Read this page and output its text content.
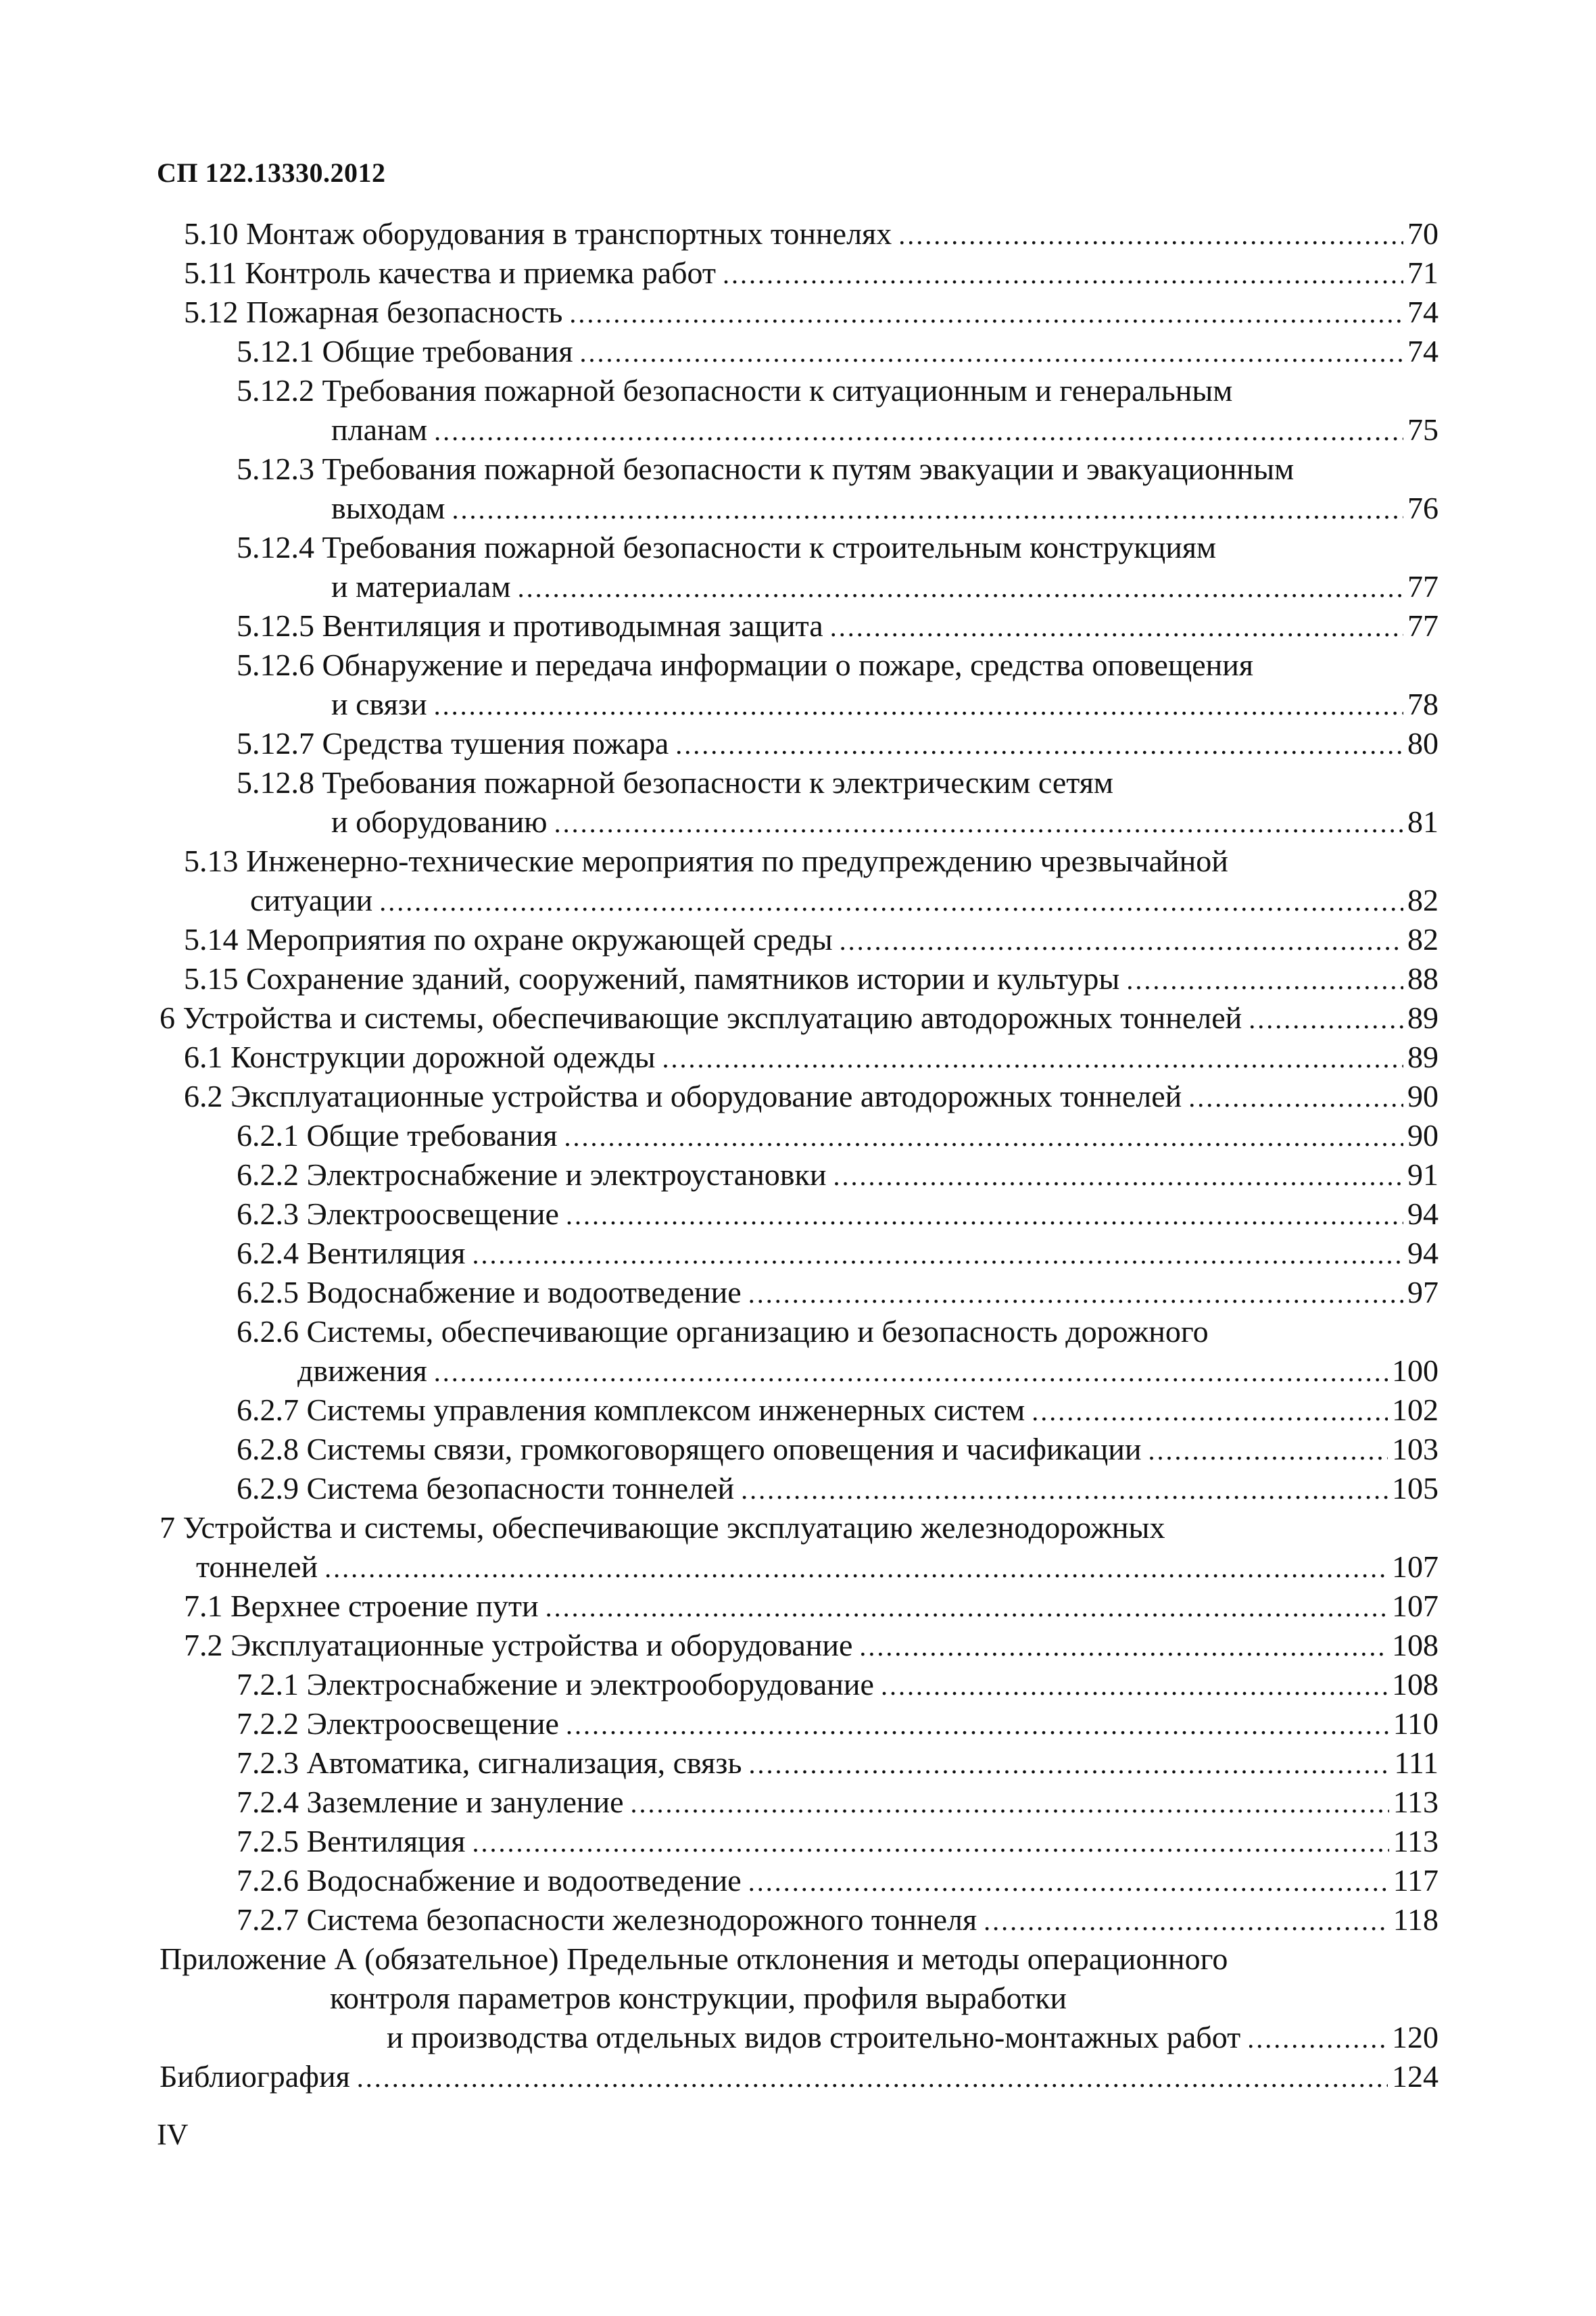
СП 122.13330.2012
5.10 Монтаж оборудования в транспортных тоннелях .....	70
5.11 Контроль качества и приемка работ .....	71
5.12 Пожарная безопасность .....	74
5.12.1 Общие требования .....	74
5.12.2 Требования пожарной безопасности к ситуационным и генеральным
планам .....	75
5.12.3 Требования пожарной безопасности к путям эвакуации и эвакуационным
выходам .....	76
5.12.4 Требования пожарной безопасности к строительным конструкциям
и материалам .....	77
5.12.5 Вентиляция и противодымная защита .....	77
5.12.6 Обнаружение и передача информации о пожаре, средства оповещения
и связи .....	78
5.12.7 Средства тушения пожара .....	80
5.12.8 Требования пожарной безопасности к электрическим сетям
и оборудованию .....	81
5.13 Инженерно-технические мероприятия по предупреждению чрезвычайной
ситуации .....	82
5.14 Мероприятия по охране окружающей среды .....	82
5.15 Сохранение зданий, сооружений, памятников истории и культуры .....	88
6 Устройства и системы, обеспечивающие эксплуатацию автодорожных тоннелей .....	89
6.1 Конструкции дорожной одежды .....	89
6.2 Эксплуатационные устройства и оборудование автодорожных тоннелей .....	90
6.2.1 Общие требования .....	90
6.2.2 Электроснабжение и электроустановки .....	91
6.2.3 Электроосвещение .....	94
6.2.4 Вентиляция .....	94
6.2.5 Водоснабжение и водоотведение .....	97
6.2.6 Системы, обеспечивающие организацию и безопасность дорожного
движения .....	100
6.2.7 Системы управления комплексом инженерных систем .....	102
6.2.8 Системы связи, громкоговорящего оповещения и часификации .....	103
6.2.9 Система безопасности тоннелей .....	105
7 Устройства и системы, обеспечивающие эксплуатацию железнодорожных
тоннелей .....	107
7.1 Верхнее строение пути .....	107
7.2 Эксплуатационные устройства и оборудование .....	108
7.2.1 Электроснабжение и электрооборудование .....	108
7.2.2 Электроосвещение .....	110
7.2.3 Автоматика, сигнализация, связь .....	111
7.2.4 Заземление и зануление .....	113
7.2.5 Вентиляция .....	113
7.2.6 Водоснабжение и водоотведение .....	117
7.2.7 Система безопасности железнодорожного тоннеля .....	118
Приложение А (обязательное) Предельные отклонения и методы операционного
контроля параметров конструкции, профиля выработки
и производства отдельных видов строительно-монтажных работ .....	120
Библиография .....	124
IV
